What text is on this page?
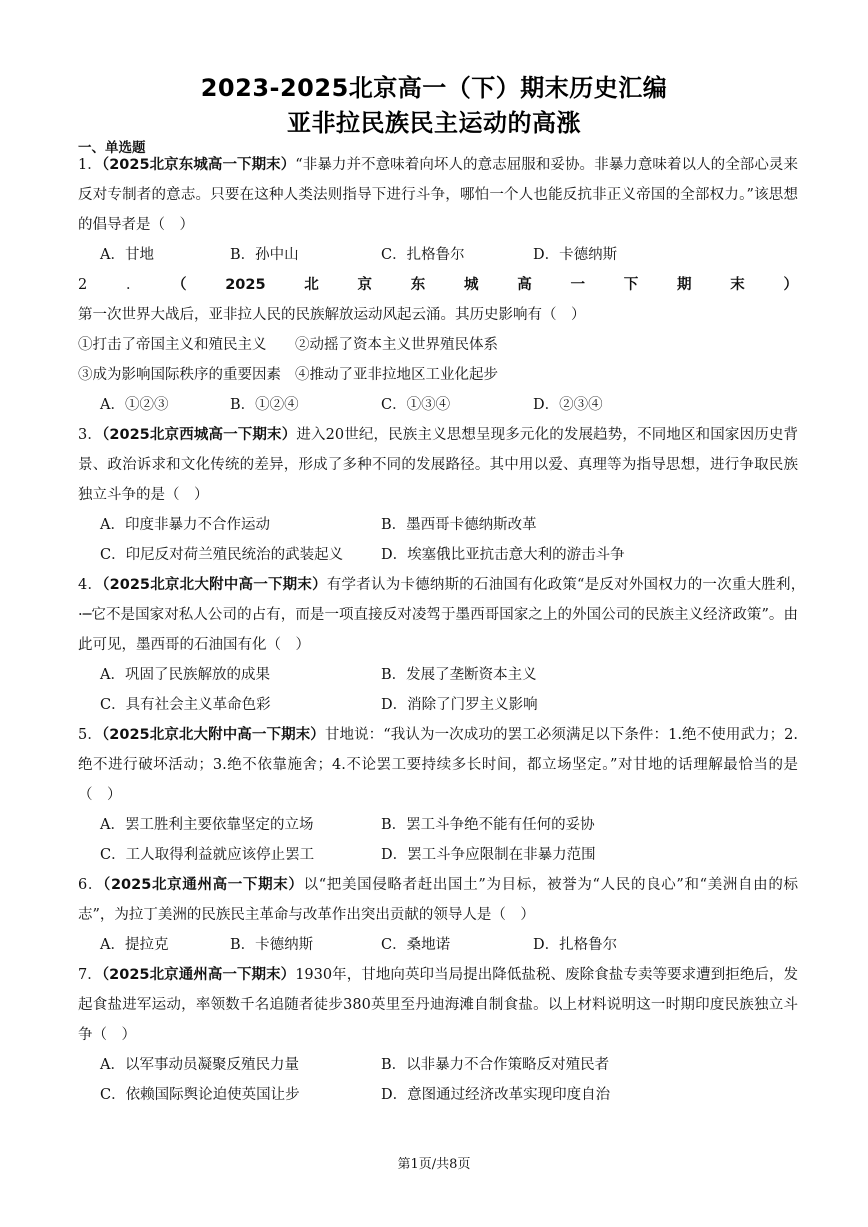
2023-2025北京高一（下）期末历史汇编
亚非拉民族民主运动的高涨
一、单选题
1．（2025北京东城高一下期末）“非暴力并不意味着向坏人的意志屈服和妥协。非暴力意味着以人的全部心灵来反对专制者的意志。只要在这种人类法则指导下进行斗争，哪怕一个人也能反抗非正义帝国的全部权力。”该思想的倡导者是（　）
A．甘地	B．孙中山	C．扎格鲁尔	D．卡德纳斯
2．（2025北京东城高一下期末）第一次世界大战后，亚非拉人民的民族解放运动风起云涌。其历史影响有（　）
①打击了帝国主义和殖民主义 ②动摇了资本主义世界殖民体系
③成为影响国际秩序的重要因素 ④推动了亚非拉地区工业化起步
A．①②③	B．①②④	C．①③④	D．②③④
3．（2025北京西城高一下期末）进入20世纪，民族主义思想呈现多元化的发展趋势，不同地区和国家因历史背景、政治诉求和文化传统的差异，形成了多种不同的发展路径。其中用以爱、真理等为指导思想，进行争取民族独立斗争的是（　）
A．印度非暴力不合作运动	B．墨西哥卡德纳斯改革
C．印尼反对荷兰殖民统治的武装起义	D．埃塞俄比亚抗击意大利的游击斗争
4．（2025北京北大附中高一下期末）有学者认为卡德纳斯的石油国有化政策“是反对外国权力的一次重大胜利，·─它不是国家对私人公司的占有，而是一项直接反对凌驾于墨西哥国家之上的外国公司的民族主义经济政策”。由此可见，墨西哥的石油国有化（　）
A．巩固了民族解放的成果	B．发展了垄断资本主义
C．具有社会主义革命色彩	D．消除了门罗主义影响
5．（2025北京北大附中高一下期末）甘地说：“我认为一次成功的罢工必须满足以下条件：1.绝不使用武力；2.绝不进行破坏活动；3.绝不依靠施舍；4.不论罢工要持续多长时间，都立场坚定。”对甘地的话理解最恰当的是（　）
A．罢工胜利主要依靠坚定的立场	B．罢工斗争绝不能有任何的妥协
C．工人取得利益就应该停止罢工	D．罢工斗争应限制在非暴力范围
6．（2025北京通州高一下期末）以“把美国侵略者赶出国土”为目标，被誉为“人民的良心”和“美洲自由的标志”，为拉丁美洲的民族民主革命与改革作出突出贡献的领导人是（　）
A．提拉克	B．卡德纳斯	C．桑地诺	D．扎格鲁尔
7．（2025北京通州高一下期末）1930年，甘地向英印当局提出降低盐税、废除食盐专卖等要求遭到拒绝后，发起食盐进军运动，率领数千名追随者徒步380英里至丹迪海滩自制食盐。以上材料说明这一时期印度民族独立斗争（　）
A．以军事动员凝聚反殖民力量	B．以非暴力不合作策略反对殖民者
C．依赖国际舆论迫使英国让步	D．意图通过经济改革实现印度自治
第1页/共8页
